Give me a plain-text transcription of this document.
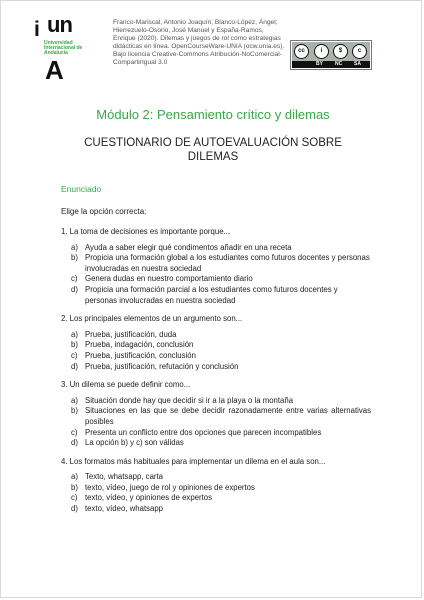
i un
Universidad Internacional de Andalucía
A
Franco-Mariscal, Antonio Joaquín; Blanco-López, Ángel; Hierrezuelo-Osorio, José Manuel y España-Ramos, Enrique (2020). Dilemas y juegos de rol como estrategias didácticas en línea. OpenCourseWare-UNIA (ocw.unia.es). Bajo licencia Creative-Commons Atribución-NoComercial-CompartirIgual 3.0
cc	i	$	c
BY NC SA
Módulo 2: Pensamiento crítico y dilemas
CUESTIONARIO DE AUTOEVALUACIÓN SOBRE DILEMAS
Enunciado
Elige la opción correcta:
1. La toma de decisiones es importante porque...
a) Ayuda a saber elegir qué condimentos añadir en una receta
b) Propicia una formación global a los estudiantes como futuros docentes y personas involucradas en nuestra sociedad
c) Genera dudas en nuestro comportamiento diario
d) Propicia una formación parcial a los estudiantes como futuros docentes y personas involucradas en nuestra sociedad
2. Los principales elementos de un argumento son...
a) Prueba, justificación, duda
b) Prueba, indagación, conclusión
c) Prueba, justificación, conclusión
d) Prueba, justificación, refutación y conclusión
3. Un dilema se puede definir como...
a) Situación donde hay que decidir si ir a la playa o la montaña
b) Situaciones en las que se debe decidir razonadamente entre varias alternativas posibles
c) Presenta un conflicto entre dos opciones que parecen incompatibles
d) La opción b) y c) son válidas
4. Los formatos más habituales para implementar un dilema en el aula son...
a) Texto, whatsapp, carta
b) texto, vídeo, juego de rol y opiniones de expertos
c) texto, vídeo, y opiniones de expertos
d) texto, vídeo, whatsapp
